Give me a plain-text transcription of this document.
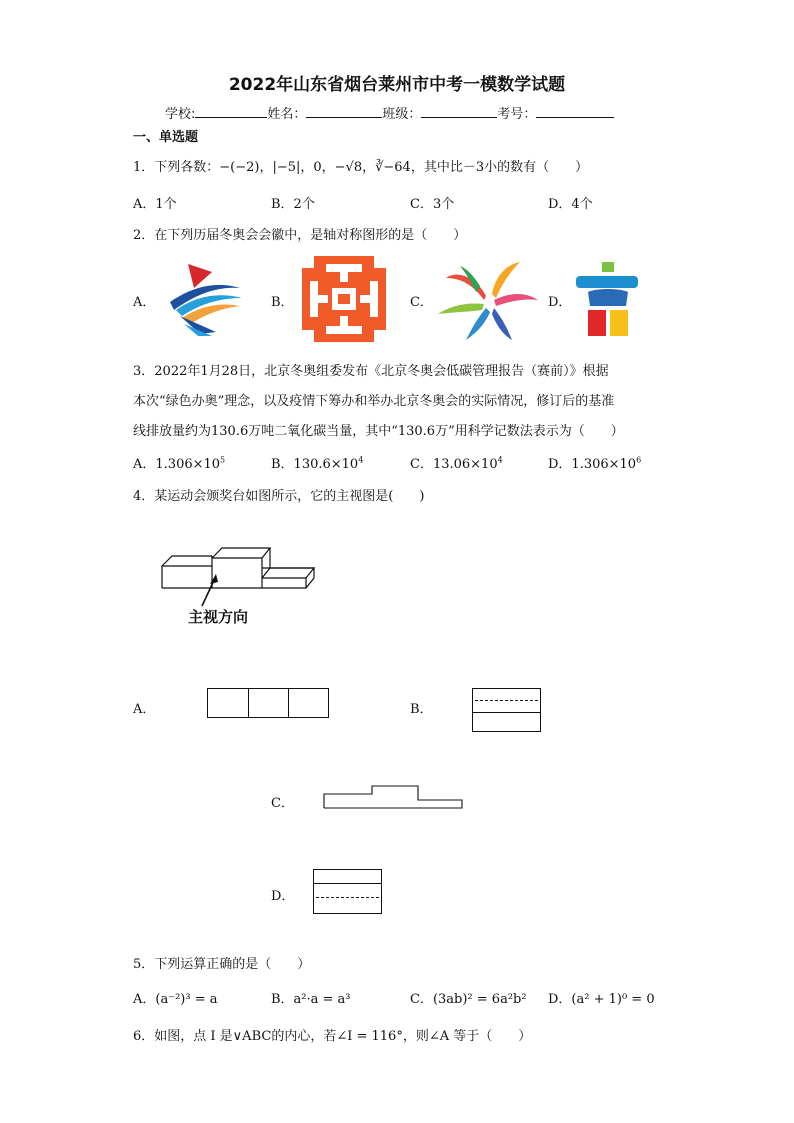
2022年山东省烟台莱州市中考一模数学试题
学校:	姓名：	班级：	考号：
一、单选题
1．下列各数：−(−2)，|−5|，0，−√8，∛−64，其中比－3小的数有（　　）
A．1个	B．2个	C．3个	D．4个
2．在下列历届冬奥会会徽中，是轴对称图形的是（　　）
A．	B．	C．	D．
3．2022年1月28日，北京冬奥组委发布《北京冬奥会低碳管理报告（赛前）》根据
本次“绿色办奥”理念，以及疫情下筹办和举办北京冬奥会的实际情况，修订后的基准
线排放量约为130.6万吨二氧化碳当量，其中“130.6万”用科学记数法表示为（　　）
A．$1.306\times 10^5$	B．$130.6\times 10^4$	C．$13.06\times 10^4$	D．$1.306\times 10^6$
4．某运动会颁奖台如图所示，它的主视图是(　　)
主视方向
A．	B．
C．
D．
5．下列运算正确的是（　　）
A．(a⁻²)³ = a	B．a²·a = a³	C．(3ab)² = 6a²b² D．(a² + 1)⁰ = 0
6．如图，点 I 是∨ABC的内心，若∠I = 116°，则∠A 等于（　　）
